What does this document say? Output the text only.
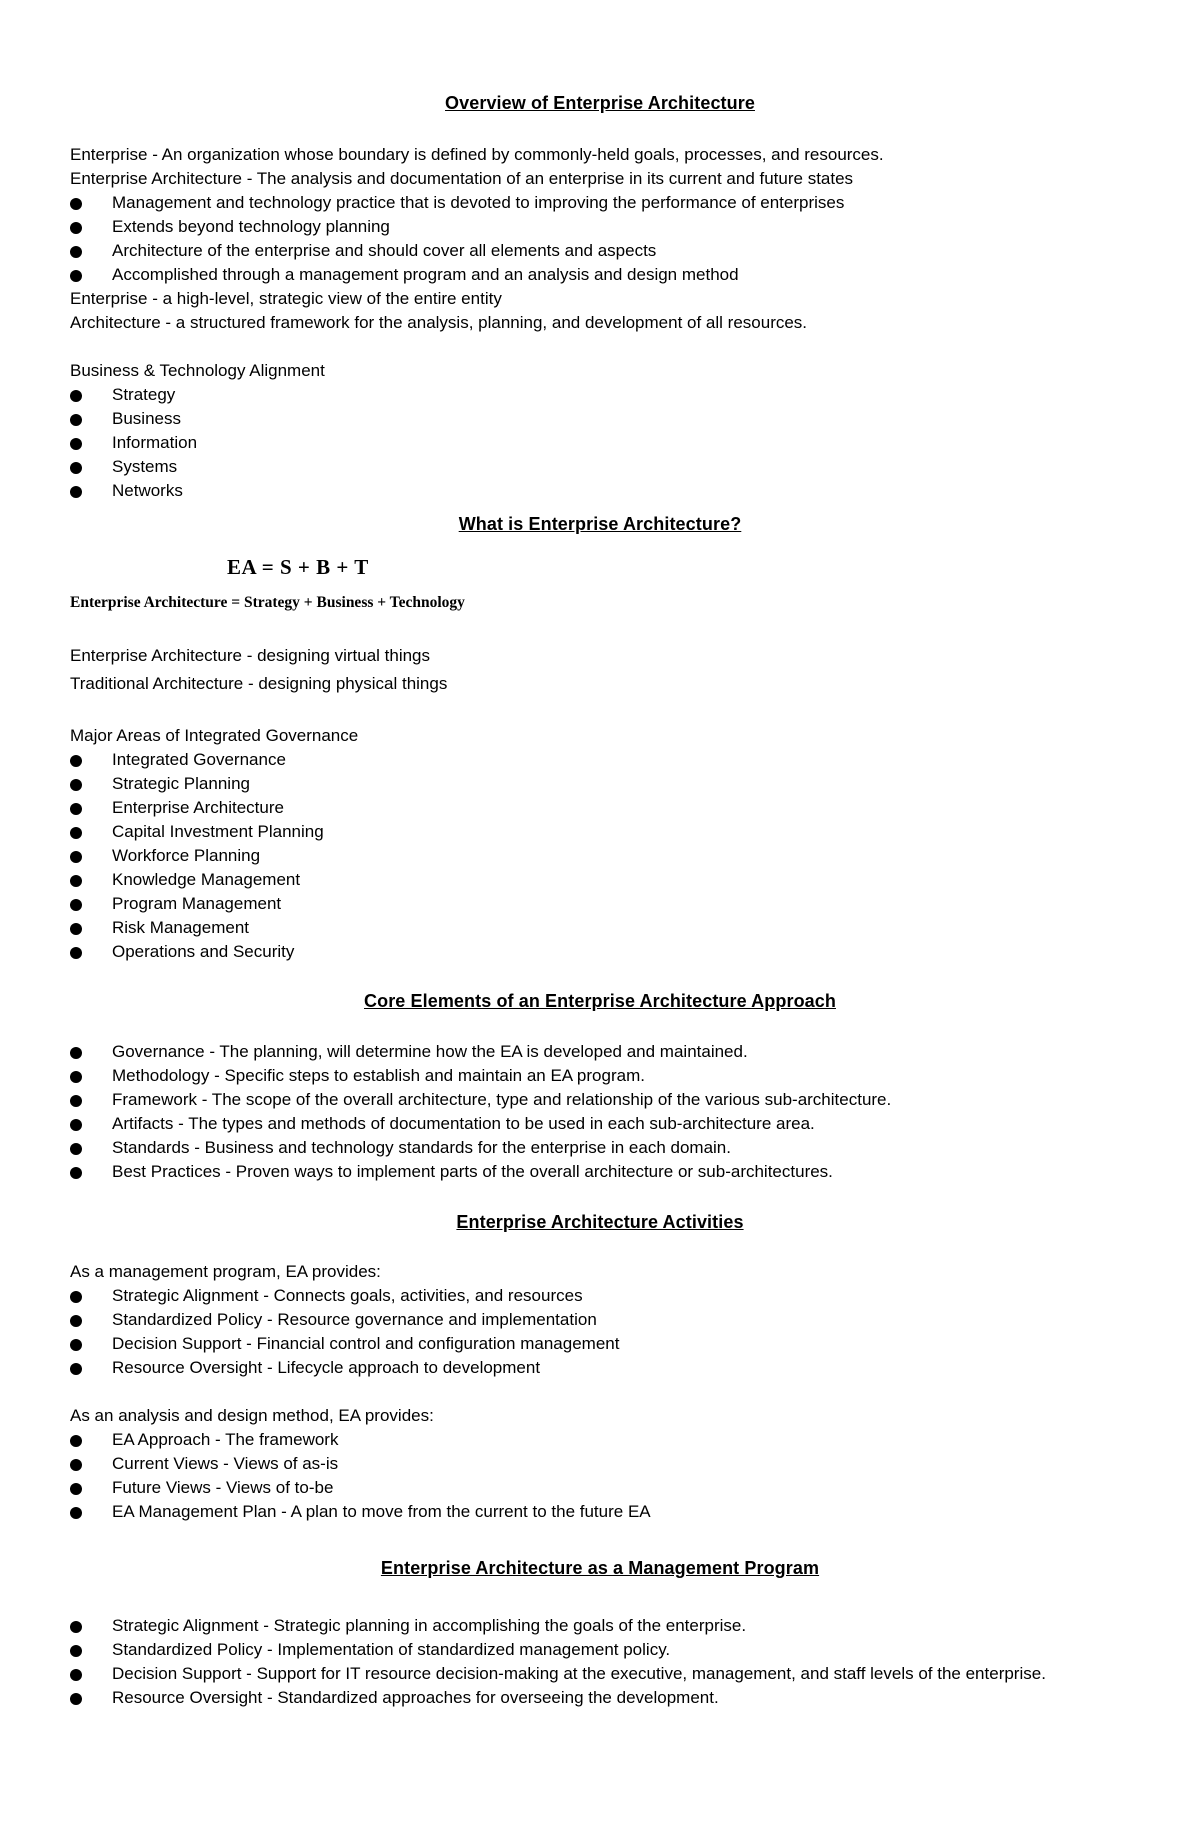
Overview of Enterprise Architecture
Enterprise - An organization whose boundary is defined by commonly-held goals, processes, and resources.
Enterprise Architecture - The analysis and documentation of an enterprise in its current and future states
Management and technology practice that is devoted to improving the performance of enterprises
Extends beyond technology planning
Architecture of the enterprise and should cover all elements and aspects
Accomplished through a management program and an analysis and design method
Enterprise - a high-level, strategic view of the entire entity
Architecture - a structured framework for the analysis, planning, and development of all resources.
Business & Technology Alignment
Strategy
Business
Information
Systems
Networks
What is Enterprise Architecture?
EA = S + B + T
Enterprise Architecture = Strategy + Business + Technology
Enterprise Architecture - designing virtual things
Traditional Architecture - designing physical things
Major Areas of Integrated Governance
Integrated Governance
Strategic Planning
Enterprise Architecture
Capital Investment Planning
Workforce Planning
Knowledge Management
Program Management
Risk Management
Operations and Security
Core Elements of an Enterprise Architecture Approach
Governance - The planning, will determine how the EA is developed and maintained.
Methodology - Specific steps to establish and maintain an EA program.
Framework - The scope of the overall architecture, type and relationship of the various sub-architecture.
Artifacts - The types and methods of documentation to be used in each sub-architecture area.
Standards - Business and technology standards for the enterprise in each domain.
Best Practices - Proven ways to implement parts of the overall architecture or sub-architectures.
Enterprise Architecture Activities
As a management program, EA provides:
Strategic Alignment - Connects goals, activities, and resources
Standardized Policy - Resource governance and implementation
Decision Support - Financial control and configuration management
Resource Oversight - Lifecycle approach to development
As an analysis and design method, EA provides:
EA Approach - The framework
Current Views - Views of as-is
Future Views - Views of to-be
EA Management Plan - A plan to move from the current to the future EA
Enterprise Architecture as a Management Program
Strategic Alignment - Strategic planning in accomplishing the goals of the enterprise.
Standardized Policy - Implementation of standardized management policy.
Decision Support - Support for IT resource decision-making at the executive, management, and staff levels of the enterprise.
Resource Oversight - Standardized approaches for overseeing the development.
